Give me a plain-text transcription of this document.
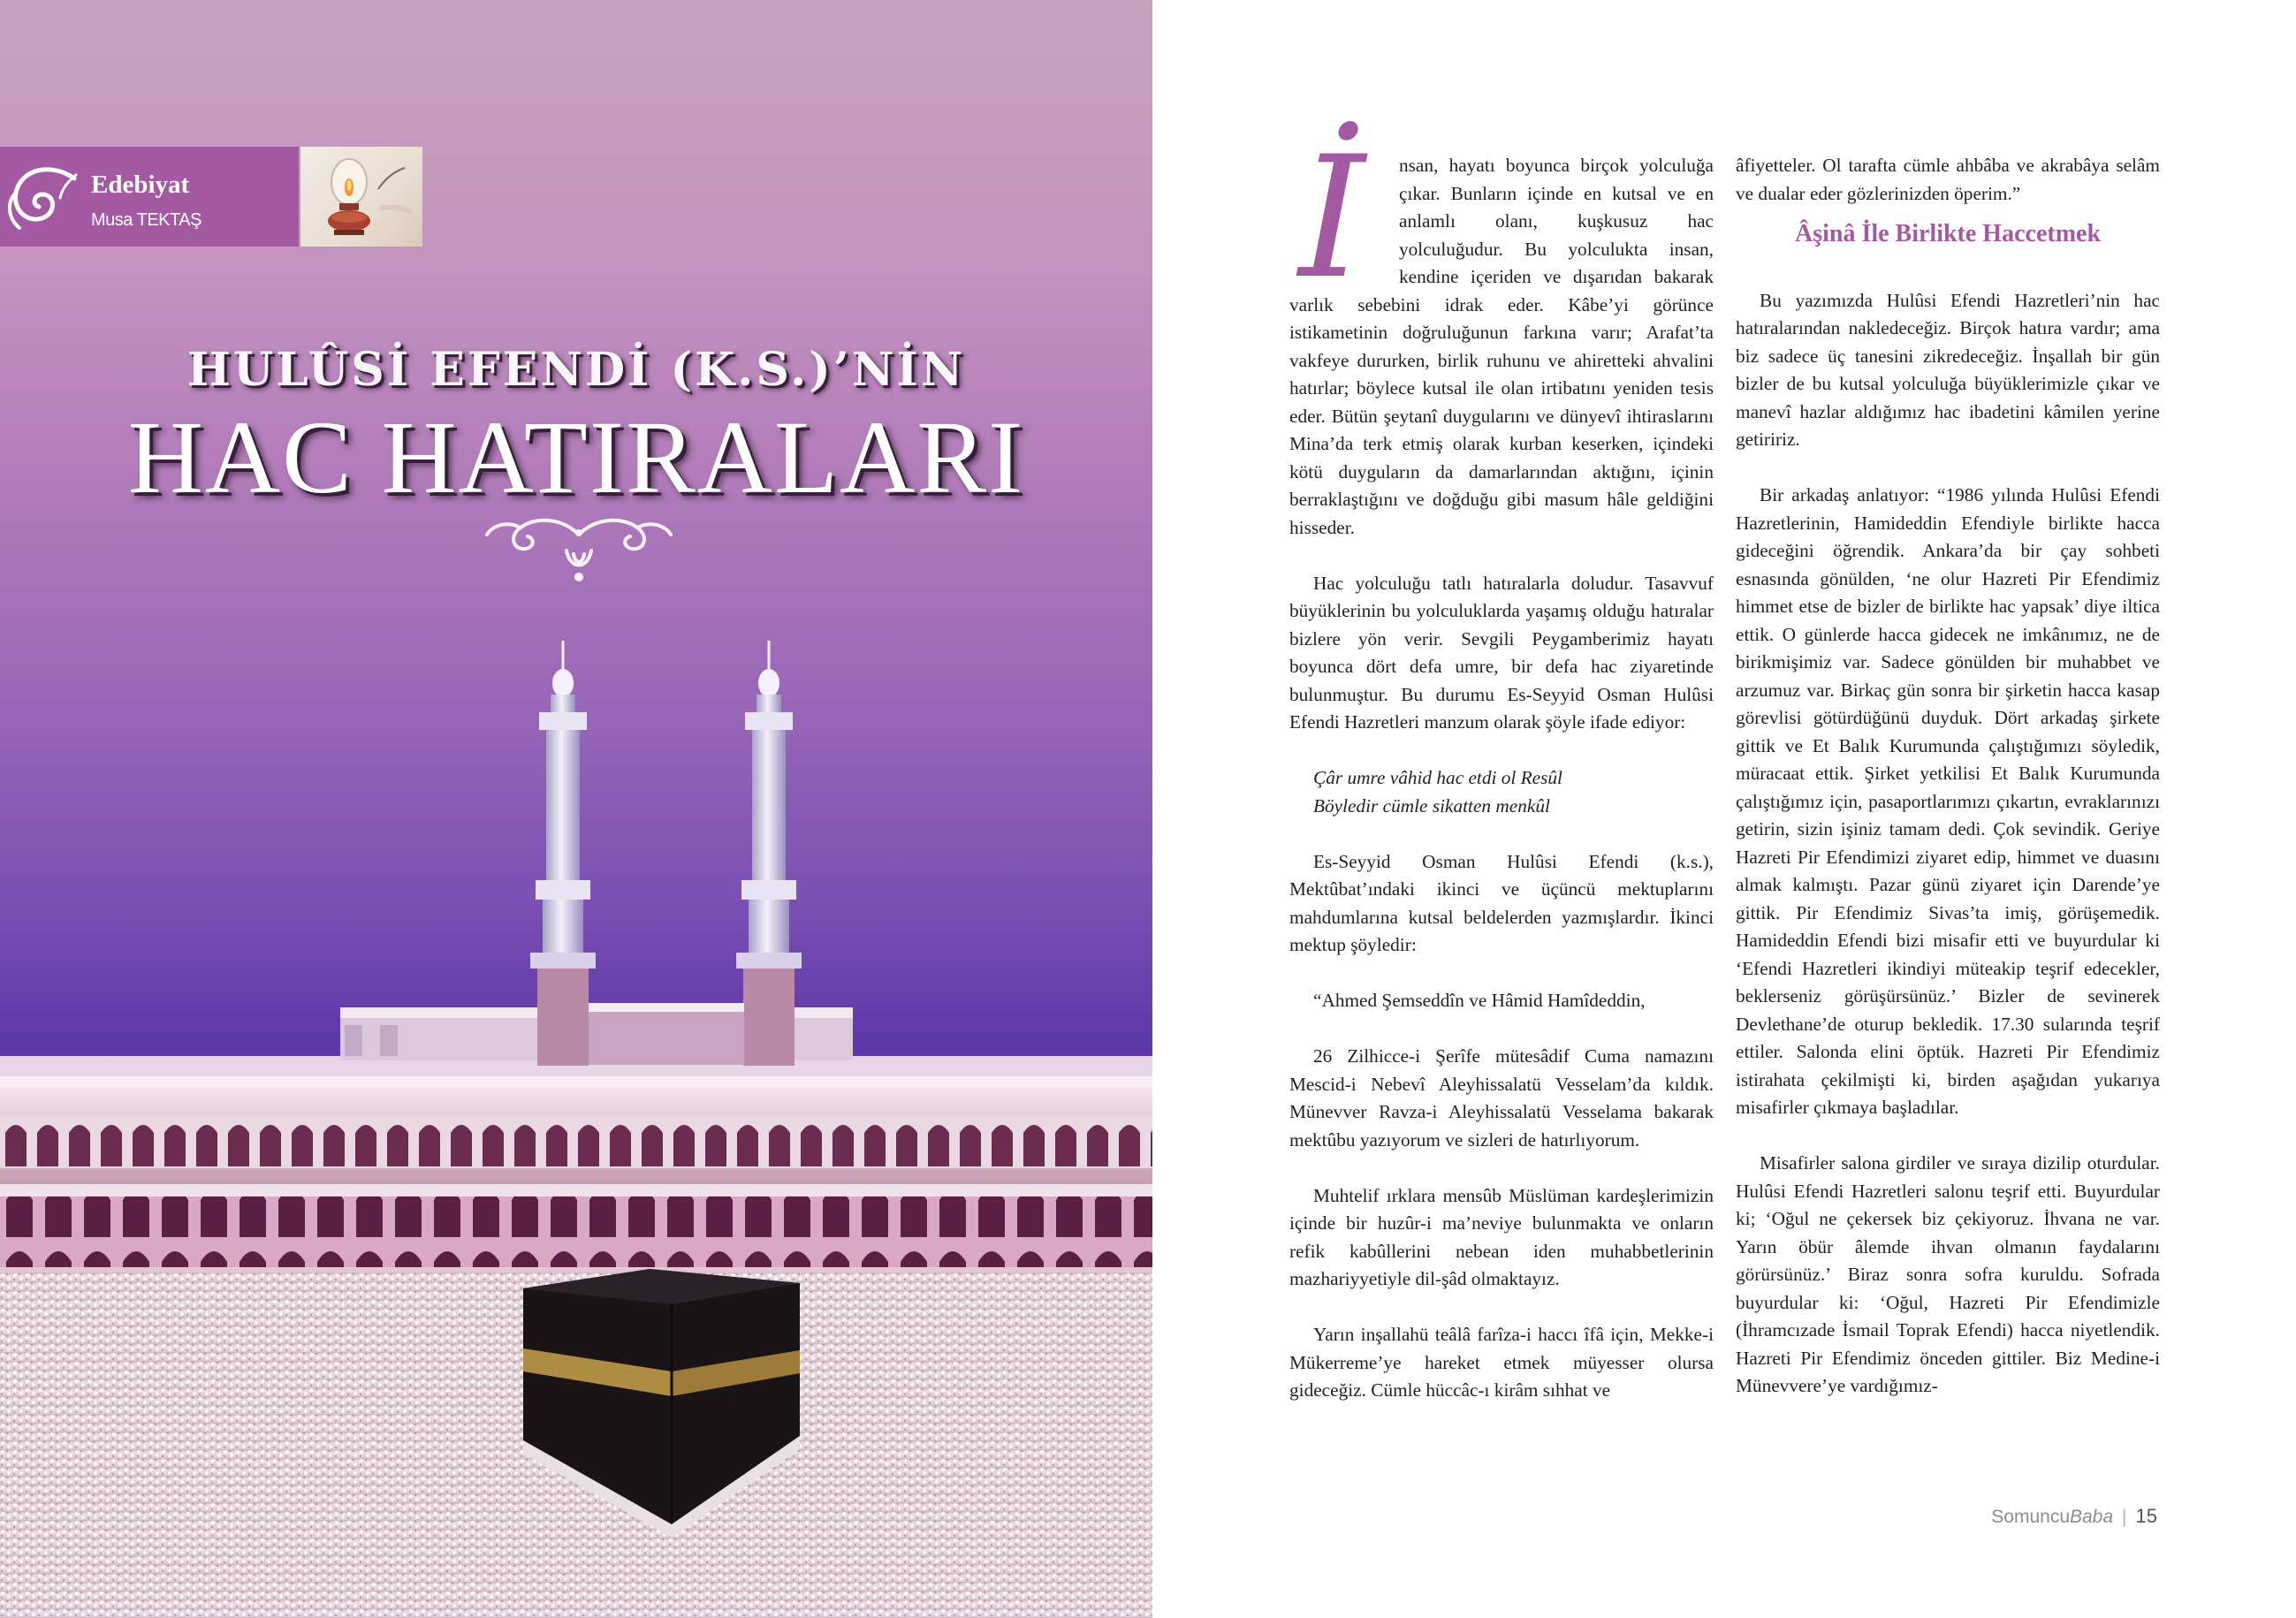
Edebiyat
Musa TEKTAŞ
HULÛSİ EFENDİ (K.S.)’NİN
HAC HATIRALARI

İ	nsan, hayatı boyunca birçok yolculuğa çıkar. Bunların içinde en kutsal ve en anlamlı olanı, kuşkusuz hac yolculuğudur. Bu yolculukta insan, kendine içeriden ve dışarıdan bakarak varlık sebebini idrak eder. Kâbe’yi görünce istikametinin doğruluğunun farkına varır; Arafat’ta vakfeye dururken, birlik ruhunu ve ahiretteki ahvalini hatırlar; böylece kutsal ile olan irtibatını yeniden tesis eder. Bütün şeytanî duygularını ve dünyevî ihtiraslarını Mina’da terk etmiş olarak kurban keserken, içindeki kötü duyguların da damarlarından aktığını, içinin berraklaştığını ve doğduğu gibi masum hâle geldiğini hisseder.

Hac yolculuğu tatlı hatıralarla doludur. Tasavvuf büyüklerinin bu yolculuklarda yaşamış olduğu hatıralar bizlere yön verir. Sevgili Peygamberimiz hayatı boyunca dört defa umre, bir defa hac ziyaretinde bulunmuştur. Bu durumu Es-Seyyid Osman Hulûsi Efendi Hazretleri manzum olarak şöyle ifade ediyor:

Çâr umre vâhid hac etdi ol Resûl

Böyledir cümle sikatten menkûl

Es-Seyyid Osman Hulûsi Efendi (k.s.), Mektûbat’ındaki ikinci ve üçüncü mektuplarını mahdumlarına kutsal beldelerden yazmışlardır. İkinci mektup şöyledir:

“Ahmed Şemseddîn ve Hâmid Hamîdeddin,

26 Zilhicce-i Şerîfe mütesâdif Cuma namazını Mescid-i Nebevî Aleyhissalatü Vesselam’da kıldık. Münevver Ravza-i Aleyhissalatü Vesselama bakarak mektûbu yazıyorum ve sizleri de hatırlıyorum.

Muhtelif ırklara mensûb Müslüman kardeşlerimizin içinde bir huzûr-i ma’neviye bulunmakta ve onların refik kabûllerini nebean iden muhabbetlerinin mazhariyyetiyle dil-şâd olmaktayız.

Yarın inşallahü teâlâ farîza-i haccı îfâ için, Mekke-i Mükerreme’ye hareket etmek müyesser olursa gideceğiz. Cümle hüccâc-ı kirâm sıhhat ve

âfiyetteler. Ol tarafta cümle ahbâba ve akrabâya selâm ve dualar eder gözlerinizden öperim.”

Âşinâ İle Birlikte Haccetmek

Bu yazımızda Hulûsi Efendi Hazretleri’nin hac hatıralarından nakledeceğiz. Birçok hatıra vardır; ama biz sadece üç tanesini zikredeceğiz. İnşallah bir gün bizler de bu kutsal yolculuğa büyüklerimizle çıkar ve manevî hazlar aldığımız hac ibadetini kâmilen yerine getiririz.

Bir arkadaş anlatıyor: “1986 yılında Hulûsi Efendi Hazretlerinin, Hamideddin Efendiyle birlikte hacca gideceğini öğrendik. Ankara’da bir çay sohbeti esnasında gönülden, ‘ne olur Hazreti Pir Efendimiz himmet etse de bizler de birlikte hac yapsak’ diye iltica ettik. O günlerde hacca gidecek ne imkânımız, ne de birikmişimiz var. Sadece gönülden bir muhabbet ve arzumuz var. Birkaç gün sonra bir şirketin hacca kasap görevlisi götürdüğünü duyduk. Dört arkadaş şirkete gittik ve Et Balık Kurumunda çalıştığımızı söyledik, müracaat ettik. Şirket yetkilisi Et Balık Kurumunda çalıştığımız için, pasaportlarımızı çıkartın, evraklarınızı getirin, sizin işiniz tamam dedi. Çok sevindik. Geriye Hazreti Pir Efendimizi ziyaret edip, himmet ve duasını almak kalmıştı. Pazar günü ziyaret için Darende’ye gittik. Pir Efendimiz Sivas’ta imiş, görüşemedik. Hamideddin Efendi bizi misafir etti ve buyurdular ki ‘Efendi Hazretleri ikindiyi müteakip teşrif edecekler, beklerseniz görüşürsünüz.’ Bizler de sevinerek Devlethane’de oturup bekledik. 17.30 sularında teşrif ettiler. Salonda elini öptük. Hazreti Pir Efendimiz istirahata çekilmişti ki, birden aşağıdan yukarıya misafirler çıkmaya başladılar.

Misafirler salona girdiler ve sıraya dizilip oturdular. Hulûsi Efendi Hazretleri salonu teşrif etti. Buyurdular ki; ‘Oğul ne çekersek biz çekiyoruz. İhvana ne var. Yarın öbür âlemde ihvan olmanın faydalarını görürsünüz.’ Biraz sonra sofra kuruldu. Sofrada buyurdular ki: ‘Oğul, Hazreti Pir Efendimizle (İhramcızade İsmail Toprak Efendi) hacca niyetlendik. Hazreti Pir Efendimiz önceden gittiler. Biz Medine-i Münevvere’ye vardığımız-

SomuncuBaba | 15
